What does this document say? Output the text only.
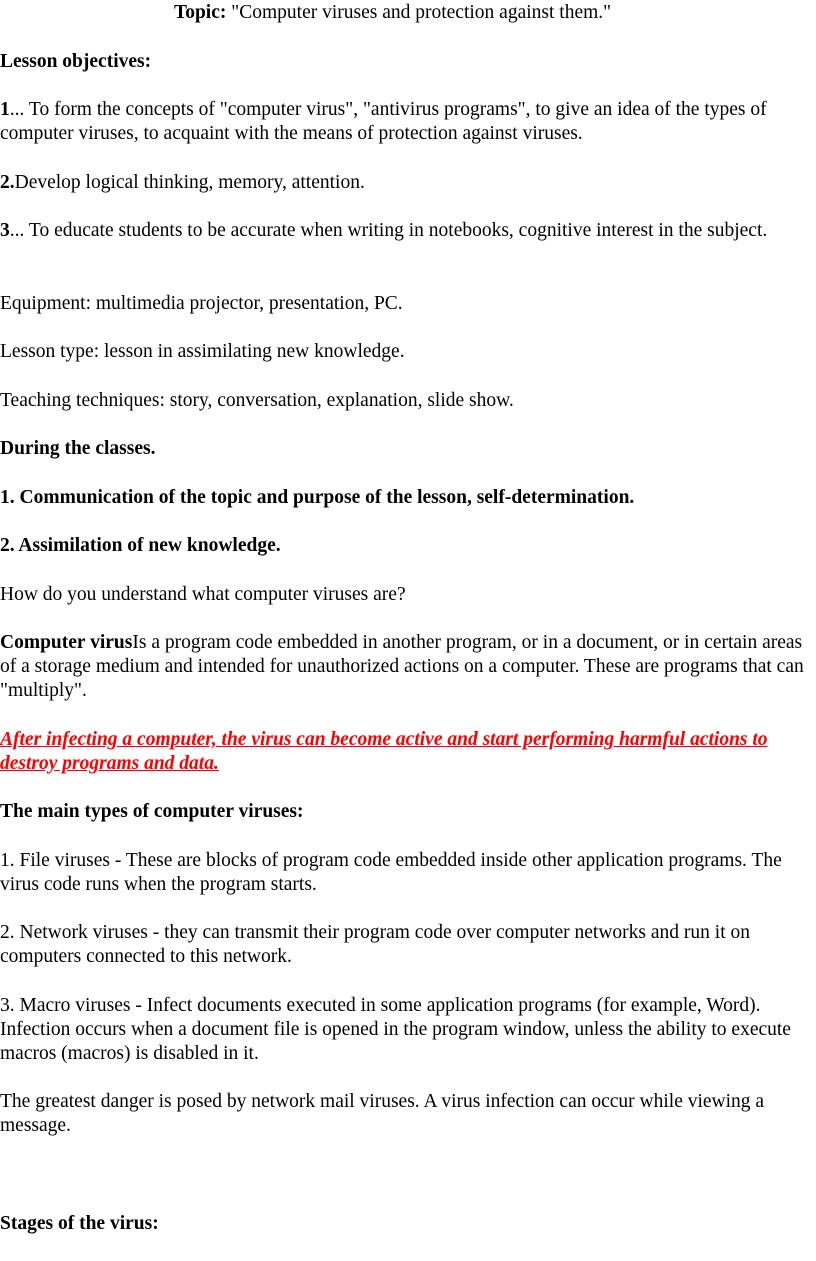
Topic: "Computer viruses and protection against them."
Lesson objectives:
1... To form the concepts of "computer virus", "antivirus programs", to give an idea of the types of computer viruses, to acquaint with the means of protection against viruses.
2.Develop logical thinking, memory, attention.
3... To educate students to be accurate when writing in notebooks, cognitive interest in the subject.
Equipment: multimedia projector, presentation, PC.
Lesson type: lesson in assimilating new knowledge.
Teaching techniques: story, conversation, explanation, slide show.
During the classes.
1. Communication of the topic and purpose of the lesson, self-determination.
2. Assimilation of new knowledge.
How do you understand what computer viruses are?
Computer virusIs a program code embedded in another program, or in a document, or in certain areas of a storage medium and intended for unauthorized actions on a computer. These are programs that can "multiply".
After infecting a computer, the virus can become active and start performing harmful actions to destroy programs and data.
The main types of computer viruses:
1. File viruses - These are blocks of program code embedded inside other application programs. The virus code runs when the program starts.
2. Network viruses - they can transmit their program code over computer networks and run it on computers connected to this network.
3. Macro viruses - Infect documents executed in some application programs (for example, Word). Infection occurs when a document file is opened in the program window, unless the ability to execute macros (macros) is disabled in it.
The greatest danger is posed by network mail viruses. A virus infection can occur while viewing a message.
Stages of the virus:
